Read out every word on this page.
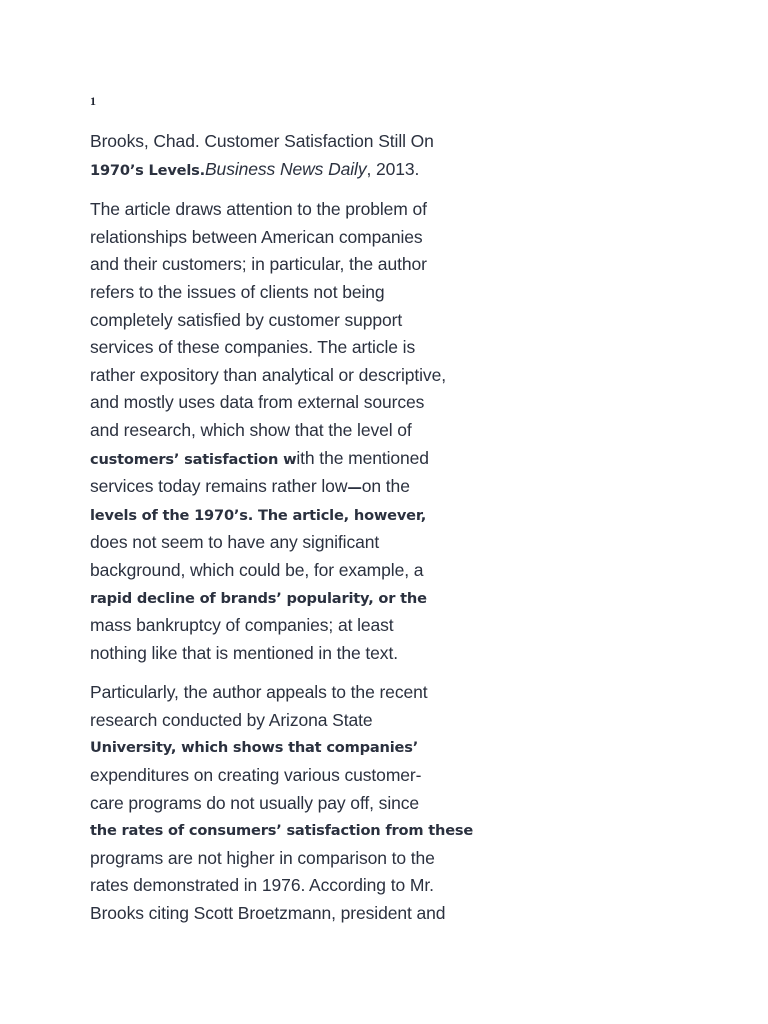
1
Brooks, Chad. Customer Satisfaction Still On
1970’s Levels.Business News Daily, 2013.
The article draws attention to the problem of
relationships between American companies
and their customers; in particular, the author
refers to the issues of clients not being
completely satisfied by customer support
services of these companies. The article is
rather expository than analytical or descriptive,
and mostly uses data from external sources
and research, which show that the level of
customers’ satisfaction with the mentioned
services today remains rather low—on the
levels of the 1970’s. The article, however,
does not seem to have any significant
background, which could be, for example, a
rapid decline of brands’ popularity, or the
mass bankruptcy of companies; at least
nothing like that is mentioned in the text.
Particularly, the author appeals to the recent
research conducted by Arizona State
University, which shows that companies’
expenditures on creating various customer-
care programs do not usually pay off, since
the rates of consumers’ satisfaction from these
programs are not higher in comparison to the
rates demonstrated in 1976. According to Mr.
Brooks citing Scott Broetzmann, president and
